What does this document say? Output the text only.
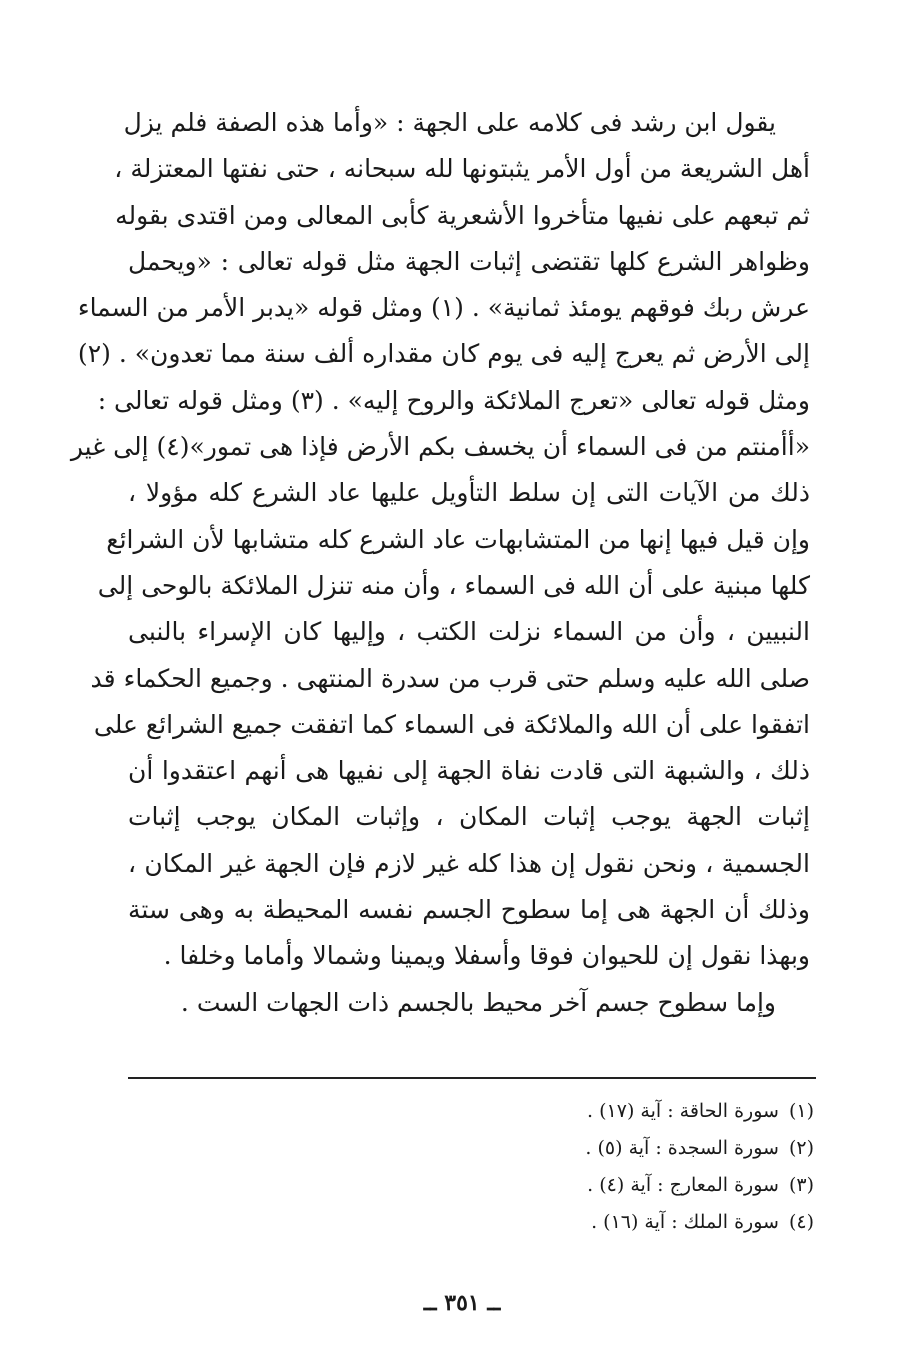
يقول ابن رشد فى كلامه على الجهة : «وأما هذه الصفة فلم يزل
أهل الشريعة من أول الأمر يثبتونها لله سبحانه ، حتى نفتها المعتزلة ،
ثم تبعهم على نفيها متأخروا الأشعرية كأبى المعالى ومن اقتدى بقوله
وظواهر الشرع كلها تقتضى إثبات الجهة مثل قوله تعالى : «ويحمل
عرش ربك فوقهم يومئذ ثمانية» . (١) ومثل قوله «يدبر الأمر من السماء
إلى الأرض ثم يعرج إليه فى يوم كان مقداره ألف سنة مما تعدون» . (٢)
ومثل قوله تعالى «تعرج الملائكة والروح إليه» . (٣) ومثل قوله تعالى :
«أأمنتم من فى السماء أن يخسف بكم الأرض فإذا هى تمور»(٤) إلى غير
ذلك من الآيات التى إن سلط التأويل عليها عاد الشرع كله مؤولا ،
وإن قيل فيها إنها من المتشابهات عاد الشرع كله متشابها لأن الشرائع
كلها مبنية على أن الله فى السماء ، وأن منه تنزل الملائكة بالوحى إلى
النبيين ، وأن من السماء نزلت الكتب ، وإليها كان الإسراء بالنبى
صلى الله عليه وسلم حتى قرب من سدرة المنتهى . وجميع الحكماء قد
اتفقوا على أن الله والملائكة فى السماء كما اتفقت جميع الشرائع على
ذلك ، والشبهة التى قادت نفاة الجهة إلى نفيها هى أنهم اعتقدوا أن
إثبات الجهة يوجب إثبات المكان ، وإثبات المكان يوجب إثبات
الجسمية ، ونحن نقول إن هذا كله غير لازم فإن الجهة غير المكان ،
وذلك أن الجهة هى إما سطوح الجسم نفسه المحيطة به وهى ستة
وبهذا نقول إن للحيوان فوقا وأسفلا ويمينا وشمالا وأماما وخلفا .
وإما سطوح جسم آخر محيط بالجسم ذات الجهات الست .
(١)سورة الحاقة : آية (١٧) .
(٢)سورة السجدة : آية (٥) .
(٣)سورة المعارج : آية (٤) .
(٤)سورة الملك : آية (١٦) .
ــ ٣٥١ ــ
